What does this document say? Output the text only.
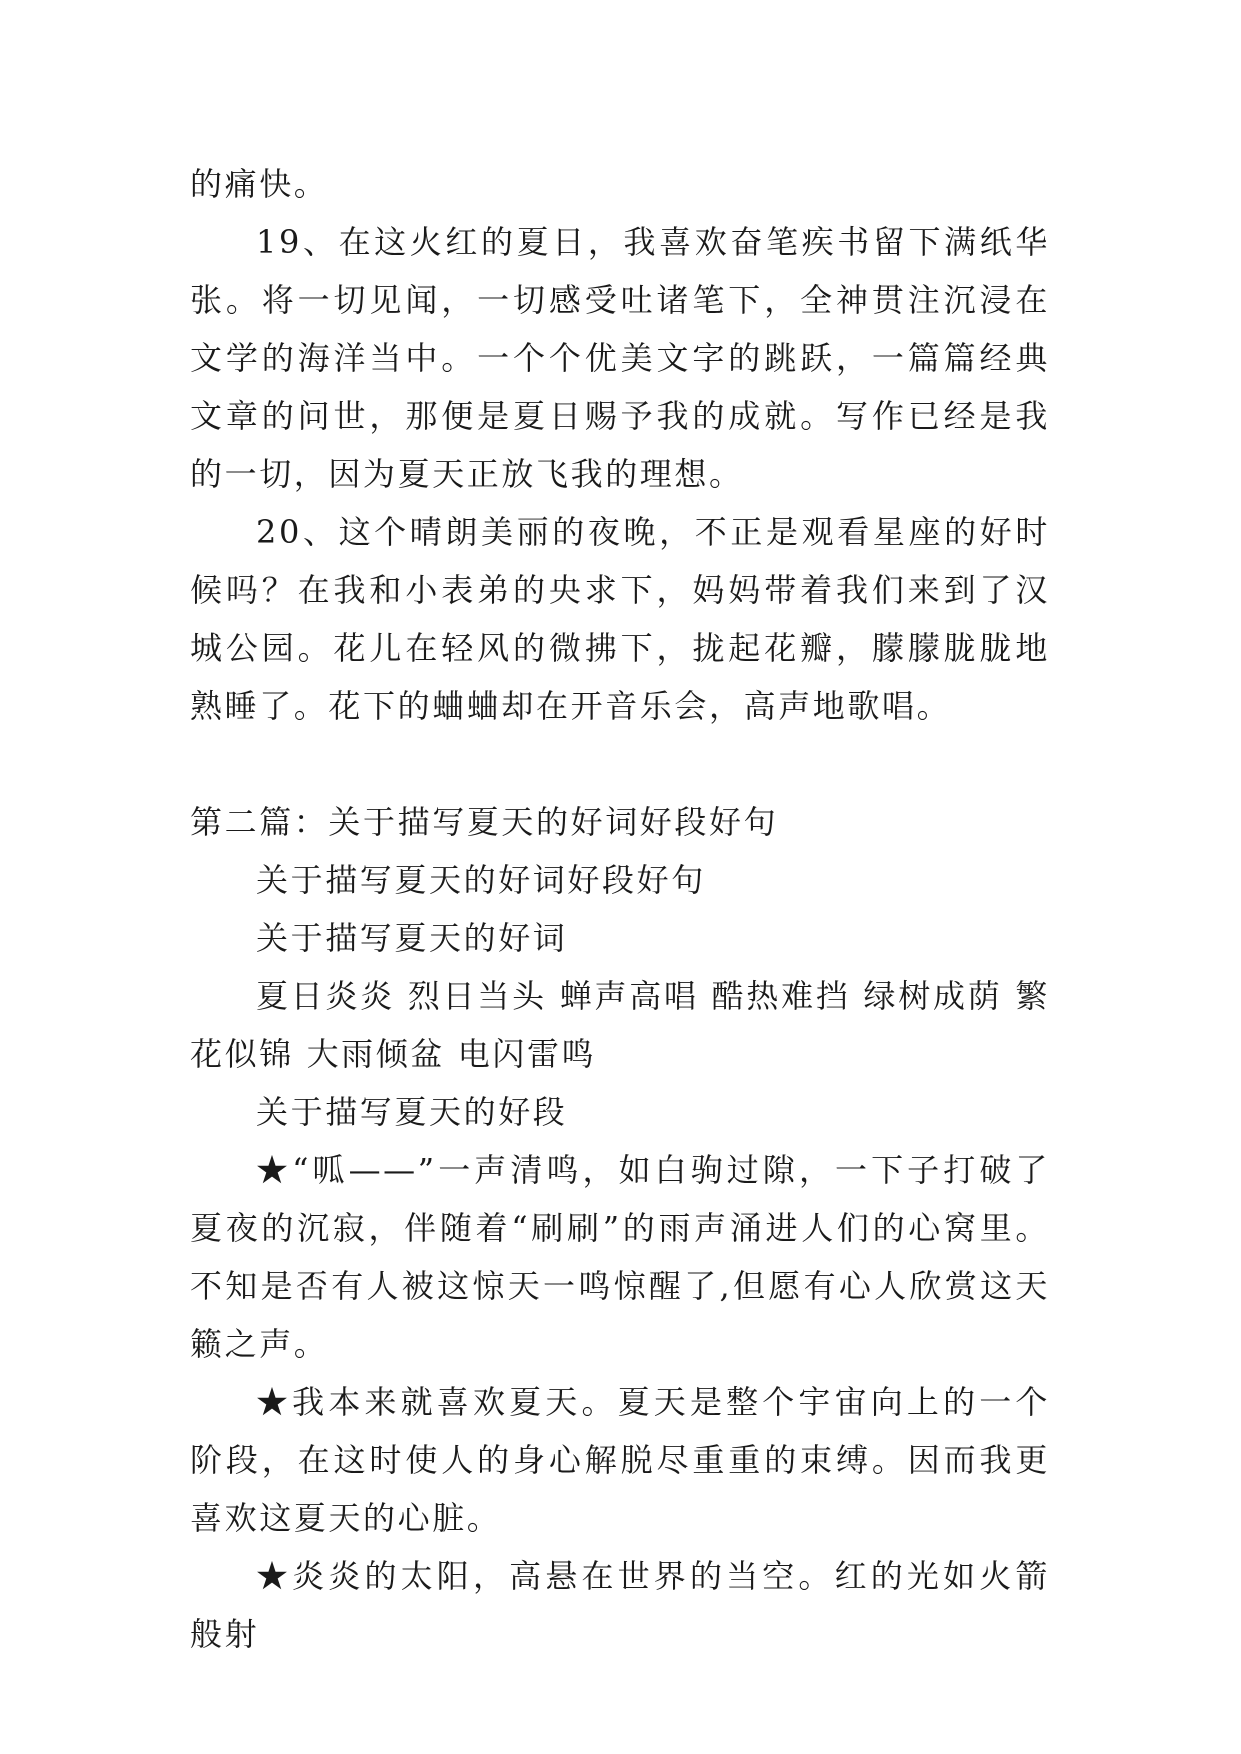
的痛快。

19、在这火红的夏日，我喜欢奋笔疾书留下满纸华张。将一切见闻，一切感受吐诸笔下，全神贯注沉浸在文学的海洋当中。一个个优美文字的跳跃，一篇篇经典文章的问世，那便是夏日赐予我的成就。写作已经是我的一切，因为夏天正放飞我的理想。

20、这个晴朗美丽的夜晚，不正是观看星座的好时候吗？在我和小表弟的央求下，妈妈带着我们来到了汉城公园。花儿在轻风的微拂下，拢起花瓣，朦朦胧胧地熟睡了。花下的蛐蛐却在开音乐会，高声地歌唱。

第二篇：关于描写夏天的好词好段好句

关于描写夏天的好词好段好句

关于描写夏天的好词

夏日炎炎 烈日当头 蝉声高唱 酷热难挡 绿树成荫 繁花似锦 大雨倾盆 电闪雷鸣

关于描写夏天的好段

★“呱——”一声清鸣，如白驹过隙，一下子打破了夏夜的沉寂，伴随着“刷刷”的雨声涌进人们的心窝里。不知是否有人被这惊天一鸣惊醒了,但愿有心人欣赏这天籁之声。

★我本来就喜欢夏天。夏天是整个宇宙向上的一个阶段，在这时使人的身心解脱尽重重的束缚。因而我更喜欢这夏天的心脏。

★炎炎的太阳，高悬在世界的当空。红的光如火箭般射
